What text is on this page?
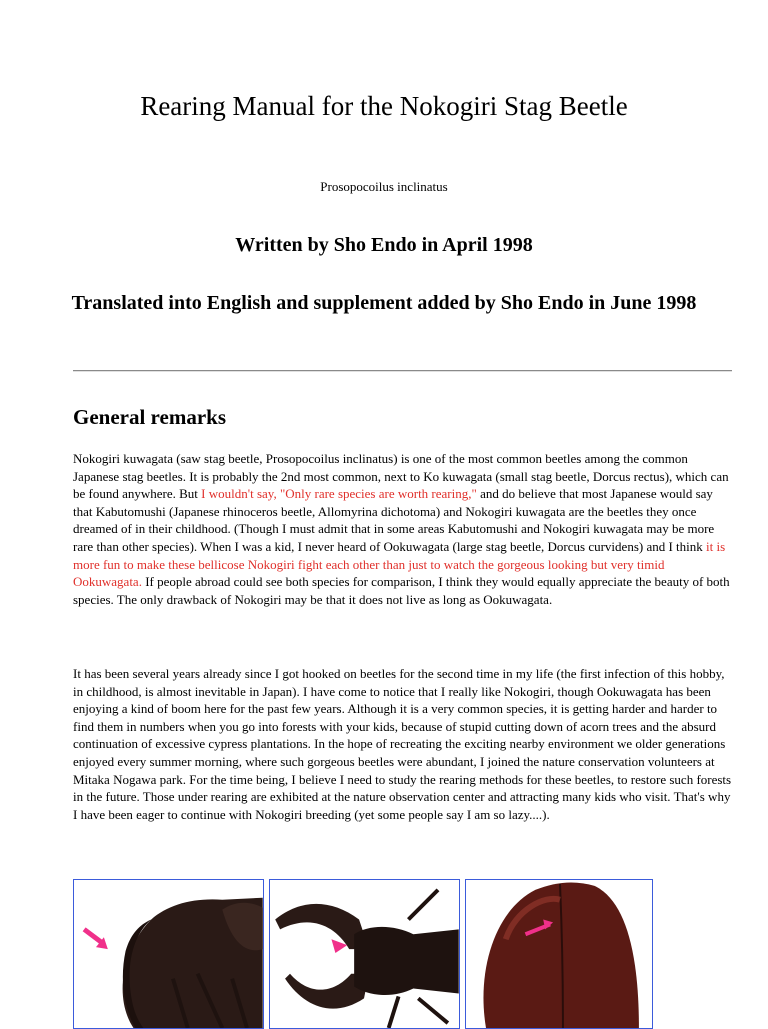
Rearing Manual for the Nokogiri Stag Beetle
Prosopocoilus inclinatus
Written by Sho Endo in April 1998
Translated into English and supplement added by Sho Endo in June 1998
General remarks

Nokogiri kuwagata (saw stag beetle, Prosopocoilus inclinatus) is one of the most common beetles among the common Japanese stag beetles. It is probably the 2nd most common, next to Ko kuwagata (small stag beetle, Dorcus rectus), which can be found anywhere. But I wouldn't say, "Only rare species are worth rearing," and do believe that most Japanese would say that Kabutomushi (Japanese rhinoceros beetle, Allomyrina dichotoma) and Nokogiri kuwagata are the beetles they once dreamed of in their childhood. (Though I must admit that in some areas Kabutomushi and Nokogiri kuwagata may be more rare than other species). When I was a kid, I never heard of Ookuwagata (large stag beetle, Dorcus curvidens) and I think it is more fun to make these bellicose Nokogiri fight each other than just to watch the gorgeous looking but very timid Ookuwagata. If people abroad could see both species for comparison, I think they would equally appreciate the beauty of both species. The only drawback of Nokogiri may be that it does not live as long as Ookuwagata.

It has been several years already since I got hooked on beetles for the second time in my life (the first infection of this hobby, in childhood, is almost inevitable in Japan). I have come to notice that I really like Nokogiri, though Ookuwagata has been enjoying a kind of boom here for the past few years. Although it is a very common species, it is getting harder and harder to find them in numbers when you go into forests with your kids, because of stupid cutting down of acorn trees and the absurd continuation of excessive cypress plantations. In the hope of recreating the exciting nearby environment we older generations enjoyed every summer morning, where such gorgeous beetles were abundant, I joined the nature conservation volunteers at Mitaka Nogawa park. For the time being, I believe I need to study the rearing methods for these beetles, to restore such forests in the future. Those under rearing are exhibited at the nature observation center and attracting many kids who visit. That's why I have been eager to continue with Nokogiri breeding (yet some people say I am so lazy....).
